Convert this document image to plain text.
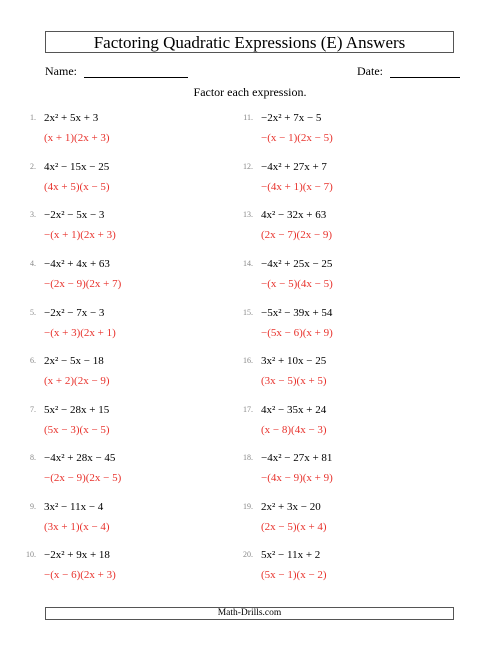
Factoring Quadratic Expressions (E) Answers
Name:	Date:
Factor each expression.
1. 2x² + 5x + 3
(x + 1)(2x + 3)
2. 4x² − 15x − 25
(4x + 5)(x − 5)
3. −2x² − 5x − 3
−(x + 1)(2x + 3)
4. −4x² + 4x + 63
−(2x − 9)(2x + 7)
5. −2x² − 7x − 3
−(x + 3)(2x + 1)
6. 2x² − 5x − 18
(x + 2)(2x − 9)
7. 5x² − 28x + 15
(5x − 3)(x − 5)
8. −4x² + 28x − 45
−(2x − 9)(2x − 5)
9. 3x² − 11x − 4
(3x + 1)(x − 4)
10. −2x² + 9x + 18
−(x − 6)(2x + 3)
11. −2x² + 7x − 5
−(x − 1)(2x − 5)
12. −4x² + 27x + 7
−(4x + 1)(x − 7)
13. 4x² − 32x + 63
(2x − 7)(2x − 9)
14. −4x² + 25x − 25
−(x − 5)(4x − 5)
15. −5x² − 39x + 54
−(5x − 6)(x + 9)
16. 3x² + 10x − 25
(3x − 5)(x + 5)
17. 4x² − 35x + 24
(x − 8)(4x − 3)
18. −4x² − 27x + 81
−(4x − 9)(x + 9)
19. 2x² + 3x − 20
(2x − 5)(x + 4)
20. 5x² − 11x + 2
(5x − 1)(x − 2)
Math-Drills.com
